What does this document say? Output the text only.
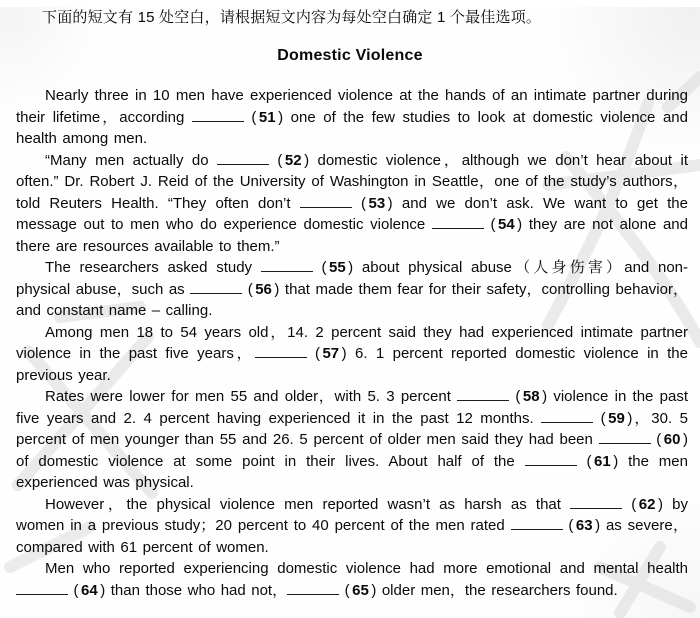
下面的短文有 15 处空白，请根据短文内容为每处空白确定 1 个最佳选项。

Domestic Violence

Nearly three in 10 men have experienced violence at the hands of an intimate partner during their lifetime，according	( 51 ) one of the few studies to look at domestic violence and health among men.

“Many men actually do	( 52 ) domestic violence，although we don’t hear about it often.” Dr. Robert J. Reid of the University of Washington in Seattle，one of the study’s authors，told Reuters Health. “They often don’t	( 53 ) and we don’t ask. We want to get the message out to men who do experience domestic violence	( 54 ) they are not alone and there are resources available to them.”

The researchers asked study	( 55 ) about physical abuse（人身伤害）and non-physical abuse，such as	( 56 ) that made them fear for their safety，controlling behavior，and constant name – calling.

Among men 18 to 54 years old，14. 2 percent said they had experienced intimate partner violence in the past five years，	( 57 ) 6. 1 percent reported domestic violence in the previous year.

Rates were lower for men 55 and older，with 5. 3 percent	( 58 ) violence in the past five years and 2. 4 percent having experienced it in the past 12 months.	( 59 )，30. 5 percent of men younger than 55 and 26. 5 percent of older men said they had been	( 60 ) of domestic violence at some point in their lives. About half of the	( 61 ) the men experienced was physical.

However，the physical violence men reported wasn’t as harsh as that	( 62 ) by women in a previous study；20 percent to 40 percent of the men rated	( 63 ) as severe，compared with 61 percent of women.

Men who reported experiencing domestic violence had more emotional and mental health  ( 64 ) than those who had not，	( 65 ) older men，the researchers found.
